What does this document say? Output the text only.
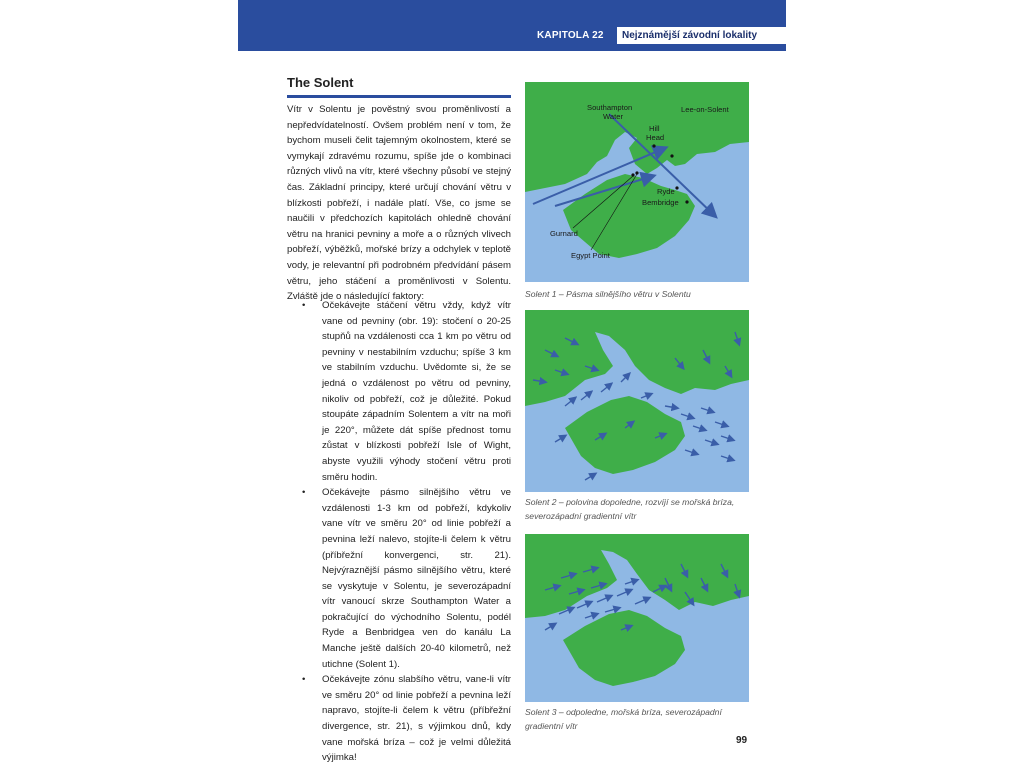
KAPITOLA 22	Nejznámější závodní lokality
The Solent

Vítr v Solentu je pověstný svou proměnlivostí a nepředvídatelností. Ovšem problém není v tom, že bychom museli čelit tajemným okolnostem, které se vymykají zdravému rozumu, spíše jde o kombinaci různých vlivů na vítr, které všechny působí ve stejný čas. Základní principy, které určují chování větru v blízkosti pobřeží, i nadále platí. Vše, co jsme se naučili v předchozích kapitolách ohledně chování větru na hranici pevniny a moře a o různých vlivech pobřeží, výběžků, mořské brízy a odchylek v teplotě vody, je relevantní při podrobném předvídání pásem větru, jeho stáčení a proměnlivosti v Solentu. Zvláště jde o následující faktory:

• Očekávejte stáčení větru vždy, když vítr vane od pevniny (obr. 19): stočení o 20-25 stupňů na vzdálenosti cca 1 km po větru od pevniny v nestabilním vzduchu; spíše 3 km ve stabilním vzduchu. Uvědomte si, že se jedná o vzdálenost po větru od pevniny, nikoliv od pobřeží, což je důležité. Pokud stoupáte západním Solentem a vítr na moři je 220°, můžete dát spíše přednost tomu zůstat v blízkosti pobřeží Isle of Wight, abyste využili výhody stočení větru proti směru hodin.
• Očekávejte pásmo silnějšího větru ve vzdálenosti 1-3 km od pobřeží, kdykoliv vane vítr ve směru 20° od linie pobřeží a pevnina leží nalevo, stojíte-li čelem k větru (příbřežní konvergenci, str. 21). Nejvýraznější pásmo silnějšího větru, které se vyskytuje v Solentu, je severozápadní vítr vanoucí skrze Southampton Water a pokračující do východního Solentu, podél Ryde a Benbridgea ven do kanálu La Manche ještě dalších 20-40 kilometrů, než utichne (Solent 1).
• Očekávejte zónu slabšího větru, vane-li vítr ve směru 20° od linie pobřeží a pevnina leží napravo, stojíte-li čelem k větru (příbřežní divergence, str. 21), s výjimkou dnů, kdy vane mořská bríza – což je velmi důležitá výjimka!
Southampton
Water
Lee-on-Solent
Hill
Head
Ryde
Bembridge
Gurnard
Egypt Point
Solent 1 – Pásma silnějšího větru v Solentu
Solent 2 – polovina dopoledne, rozvíjí se mořská bríza,
severozápadní gradientní vítr
Solent 3 – odpoledne, mořská bríza, severozápadní
gradientní vítr
99
